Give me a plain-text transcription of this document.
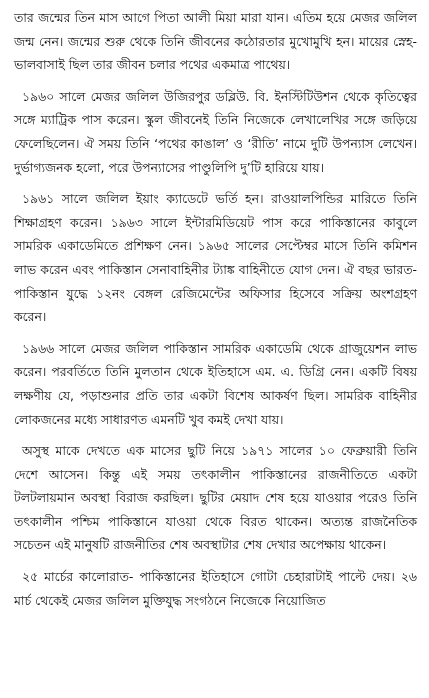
তার জন্মের তিন মাস আগে পিতা আলী মিয়া মারা যান। এতিম হয়ে মেজর জলিল জন্ম নেন। জন্মের শুরু থেকে তিনি জীবনের কঠোরতার মুখোমুখি হন। মায়ের স্নেহ-ভালবাসাই ছিল তার জীবন চলার পথের একমাত্র পাথেয়।

১৯৬০ সালে মেজর জলিল উজিরপুর ডব্লিউ. বি. ইনস্টিটিউশন থেকে কৃতিত্বের সঙ্গে ম্যাট্রিক পাস করেন। স্কুল জীবনেই তিনি নিজেকে লেখালেখির সঙ্গে জড়িয়ে ফেলেছিলেন। ঐ সময় তিনি ‘পথের কাঙাল’ ও ‘রীতি’ নামে দুটি উপন্যাস লেখেন। দুর্ভাগ্যজনক হলো, পরে উপন্যাসের পাণ্ডুলিপি দু’টি হারিয়ে যায়।

১৯৬১ সালে জলিল ইয়াং ক্যাডেটে ভর্তি হন। রাওয়ালপিন্ডির মারিতে তিনি শিক্ষাগ্রহণ করেন। ১৯৬৩ সালে ইন্টারমিডিয়েট পাস করে পাকিস্তানের কাবুলে সামরিক একাডেমিতে প্রশিক্ষণ নেন। ১৯৬৫ সালের সেপ্টেম্বর মাসে তিনি কমিশন লাভ করেন এবং পাকিস্তান সেনাবাহিনীর ট্যাঙ্ক বাহিনীতে যোগ দেন। ঐ বছর ভারত-পাকিস্তান যুদ্ধে ১২নং বেঙ্গল রেজিমেন্টের অফিসার হিসেবে সক্রিয় অংশগ্রহণ করেন।

১৯৬৬ সালে মেজর জলিল পাকিস্তান সামরিক একাডেমি থেকে গ্রাজুয়েশন লাভ করেন। পরবর্তিতে তিনি মুলতান থেকে ইতিহাসে এম. এ. ডিগ্রি নেন। একটি বিষয় লক্ষণীয় যে, পড়াশুনার প্রতি তার একটা বিশেষ আকর্ষণ ছিল। সামরিক বাহিনীর লোকজনের মধ্যে সাধারণত এমনটি খুব কমই দেখা যায়।

অসুস্থ মাকে দেখতে এক মাসের ছুটি নিয়ে ১৯৭১ সালের ১০ ফেব্রুয়ারী তিনি দেশে আসেন। কিন্তু এই সময় তৎকালীন পাকিস্তানের রাজনীতিতে একটা টলটলায়মান অবস্থা বিরাজ করছিল। ছুটির মেয়াদ শেষ হয়ে যাওয়ার পরেও তিনি তৎকালীন পশ্চিম পাকিস্তানে যাওয়া থেকে বিরত থাকেন। অত্যন্ত রাজনৈতিক সচেতন এই মানুষটি রাজনীতির শেষ অবস্থাটার শেষ দেখার অপেক্ষায় থাকেন।

২৫ মার্চের কালোরাত- পাকিস্তানের ইতিহাসে গোটা চেহারাটাই পাল্টে দেয়। ২৬ মার্চ থেকেই মেজর জলিল মুক্তিযুদ্ধ সংগঠনে নিজেকে নিয়োজিত
